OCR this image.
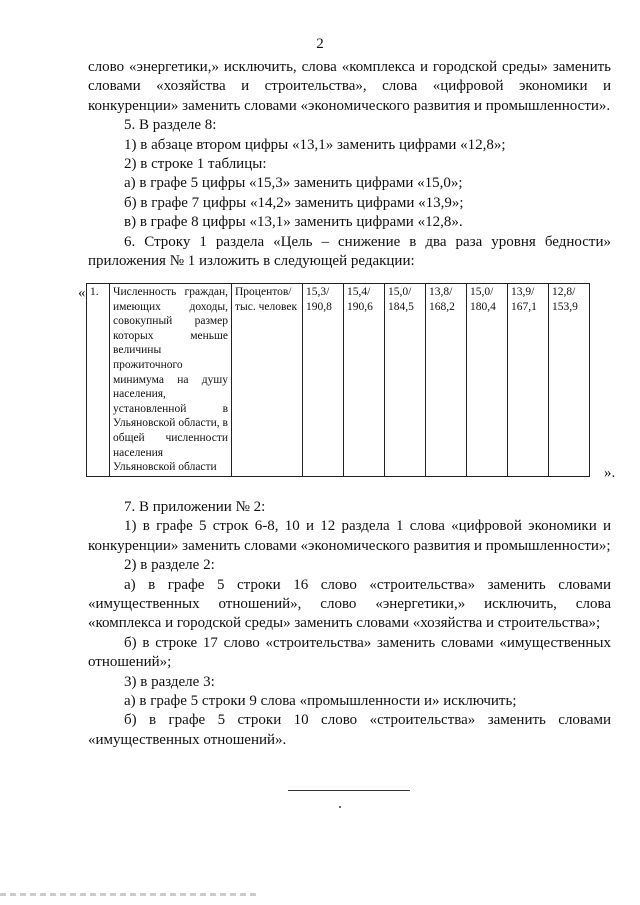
2

слово «энергетики,» исключить, слова «комплекса и городской среды» заменить словами «хозяйства и строительства», слова «цифровой экономики и конкуренции» заменить словами «экономического развития и промышленности».

5. В разделе 8:

1) в абзаце втором цифры «13,1» заменить цифрами «12,8»;

2) в строке 1 таблицы:

а) в графе 5 цифры «15,3» заменить цифрами «15,0»;

б) в графе 7 цифры «14,2» заменить цифрами «13,9»;

в) в графе 8 цифры «13,1» заменить цифрами «12,8».

6. Строку 1 раздела «Цель – снижение в два раза уровня бедности» приложения № 1 изложить в следующей редакции:

« 1.	Численность граждан, имеющих доходы, совокупный размер которых меньше величины прожиточного минимума на душу населения, установленной в Ульяновской области, в общей численности населения Ульяновской области	Процентов/ тыс. человек	15,3/ 190,8	15,4/ 190,6	15,0/ 184,5	13,8/ 168,2	15,0/ 180,4	13,9/ 167,1	12,8/ 153,9
».

7. В приложении № 2:

1) в графе 5 строк 6-8, 10 и 12 раздела 1 слова «цифровой экономики и конкуренции» заменить словами «экономического развития и промышленности»;

2) в разделе 2:

а) в графе 5 строки 16 слово «строительства» заменить словами «имущественных отношений», слово «энергетики,» исключить, слова «комплекса и городской среды» заменить словами «хозяйства и строительства»;

б) в строке 17 слово «строительства» заменить словами «имущественных отношений»;

3) в разделе 3:

а) в графе 5 строки 9 слова «промышленности и» исключить;

б) в графе 5 строки 10 слово «строительства» заменить словами «имущественных отношений».
